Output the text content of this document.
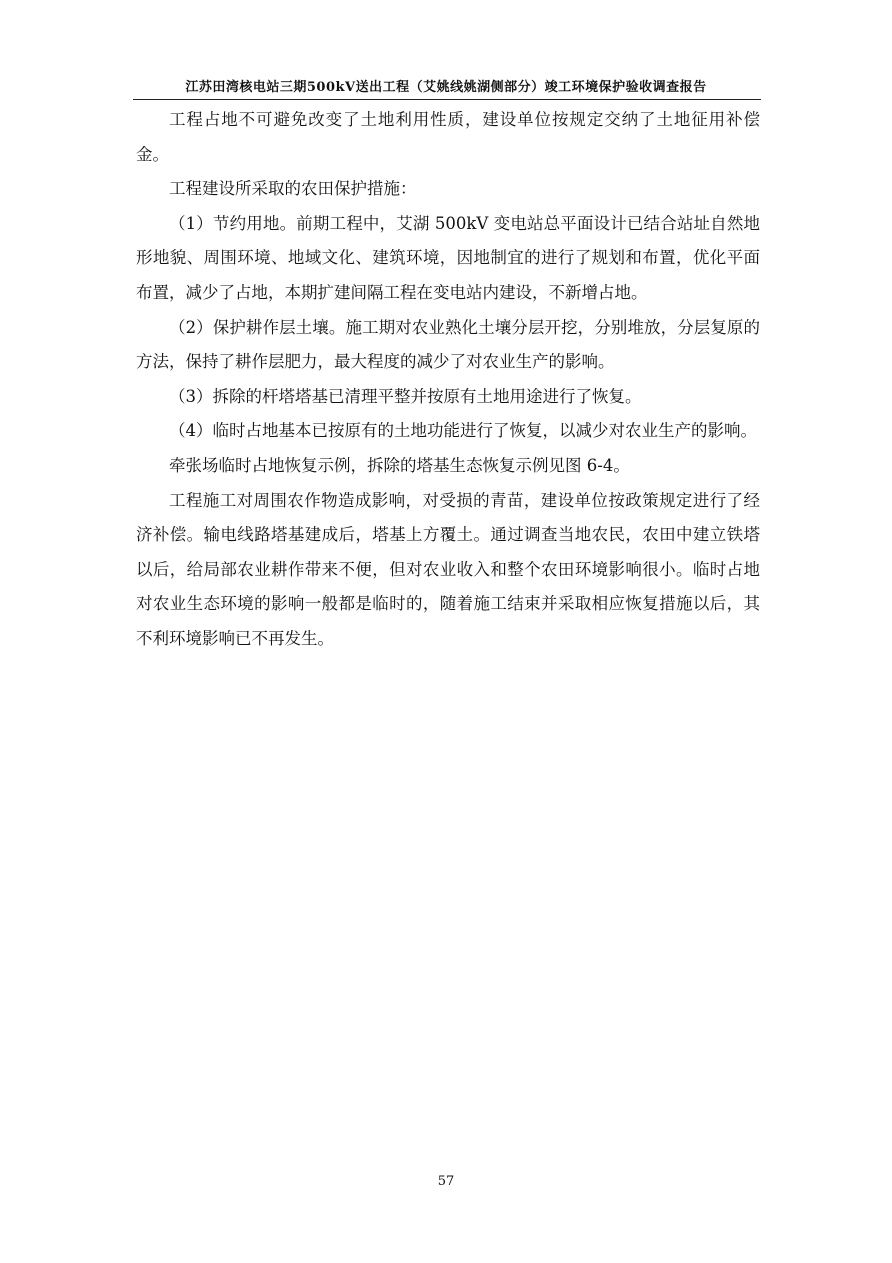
江苏田湾核电站三期500kV送出工程（艾姚线姚湖侧部分）竣工环境保护验收调查报告

工程占地不可避免改变了土地利用性质，建设单位按规定交纳了土地征用补偿金。

工程建设所采取的农田保护措施：

（1）节约用地。前期工程中，艾湖 500kV 变电站总平面设计已结合站址自然地形地貌、周围环境、地域文化、建筑环境，因地制宜的进行了规划和布置，优化平面布置，减少了占地，本期扩建间隔工程在变电站内建设，不新增占地。

（2）保护耕作层土壤。施工期对农业熟化土壤分层开挖，分别堆放，分层复原的方法，保持了耕作层肥力，最大程度的减少了对农业生产的影响。

（3）拆除的杆塔塔基已清理平整并按原有土地用途进行了恢复。

（4）临时占地基本已按原有的土地功能进行了恢复，以减少对农业生产的影响。

牵张场临时占地恢复示例，拆除的塔基生态恢复示例见图 6-4。

工程施工对周围农作物造成影响，对受损的青苗，建设单位按政策规定进行了经济补偿。输电线路塔基建成后，塔基上方覆土。通过调查当地农民，农田中建立铁塔以后，给局部农业耕作带来不便，但对农业收入和整个农田环境影响很小。临时占地对农业生态环境的影响一般都是临时的，随着施工结束并采取相应恢复措施以后，其不利环境影响已不再发生。

57
